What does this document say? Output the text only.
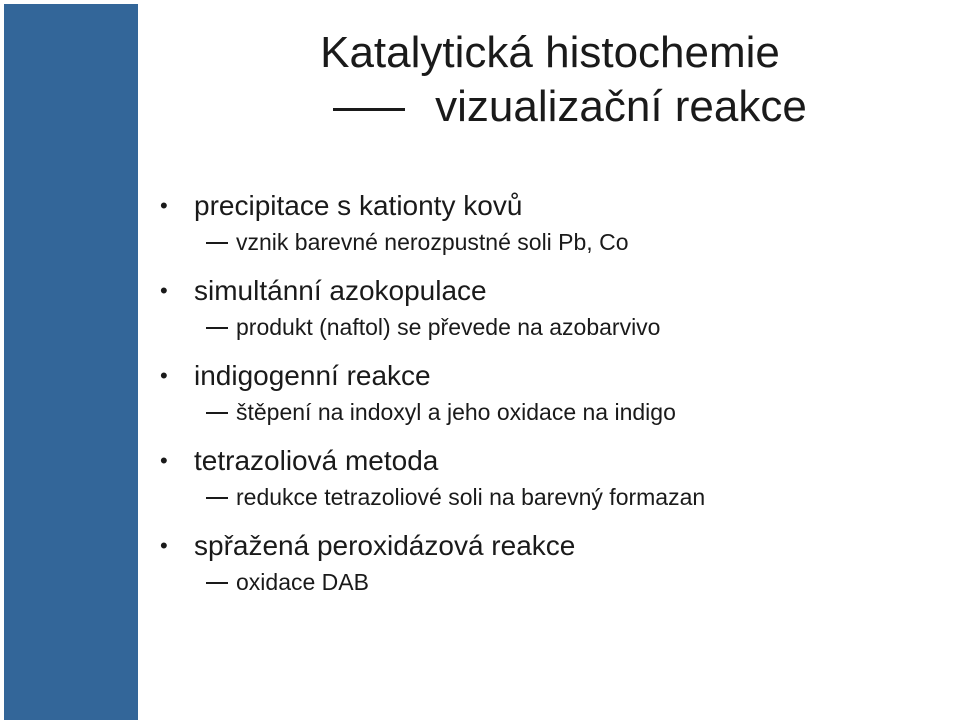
Katalytická histochemie
vizualizační reakce
• precipitace s kationty kovů
vznik barevné nerozpustné soli Pb, Co
• simultánní azokopulace
produkt (naftol) se převede na azobarvivo
• indigogenní reakce
štěpení na indoxyl a jeho oxidace na indigo
• tetrazoliová metoda
redukce tetrazoliové soli na barevný formazan
• spřažená peroxidázová reakce
oxidace DAB
